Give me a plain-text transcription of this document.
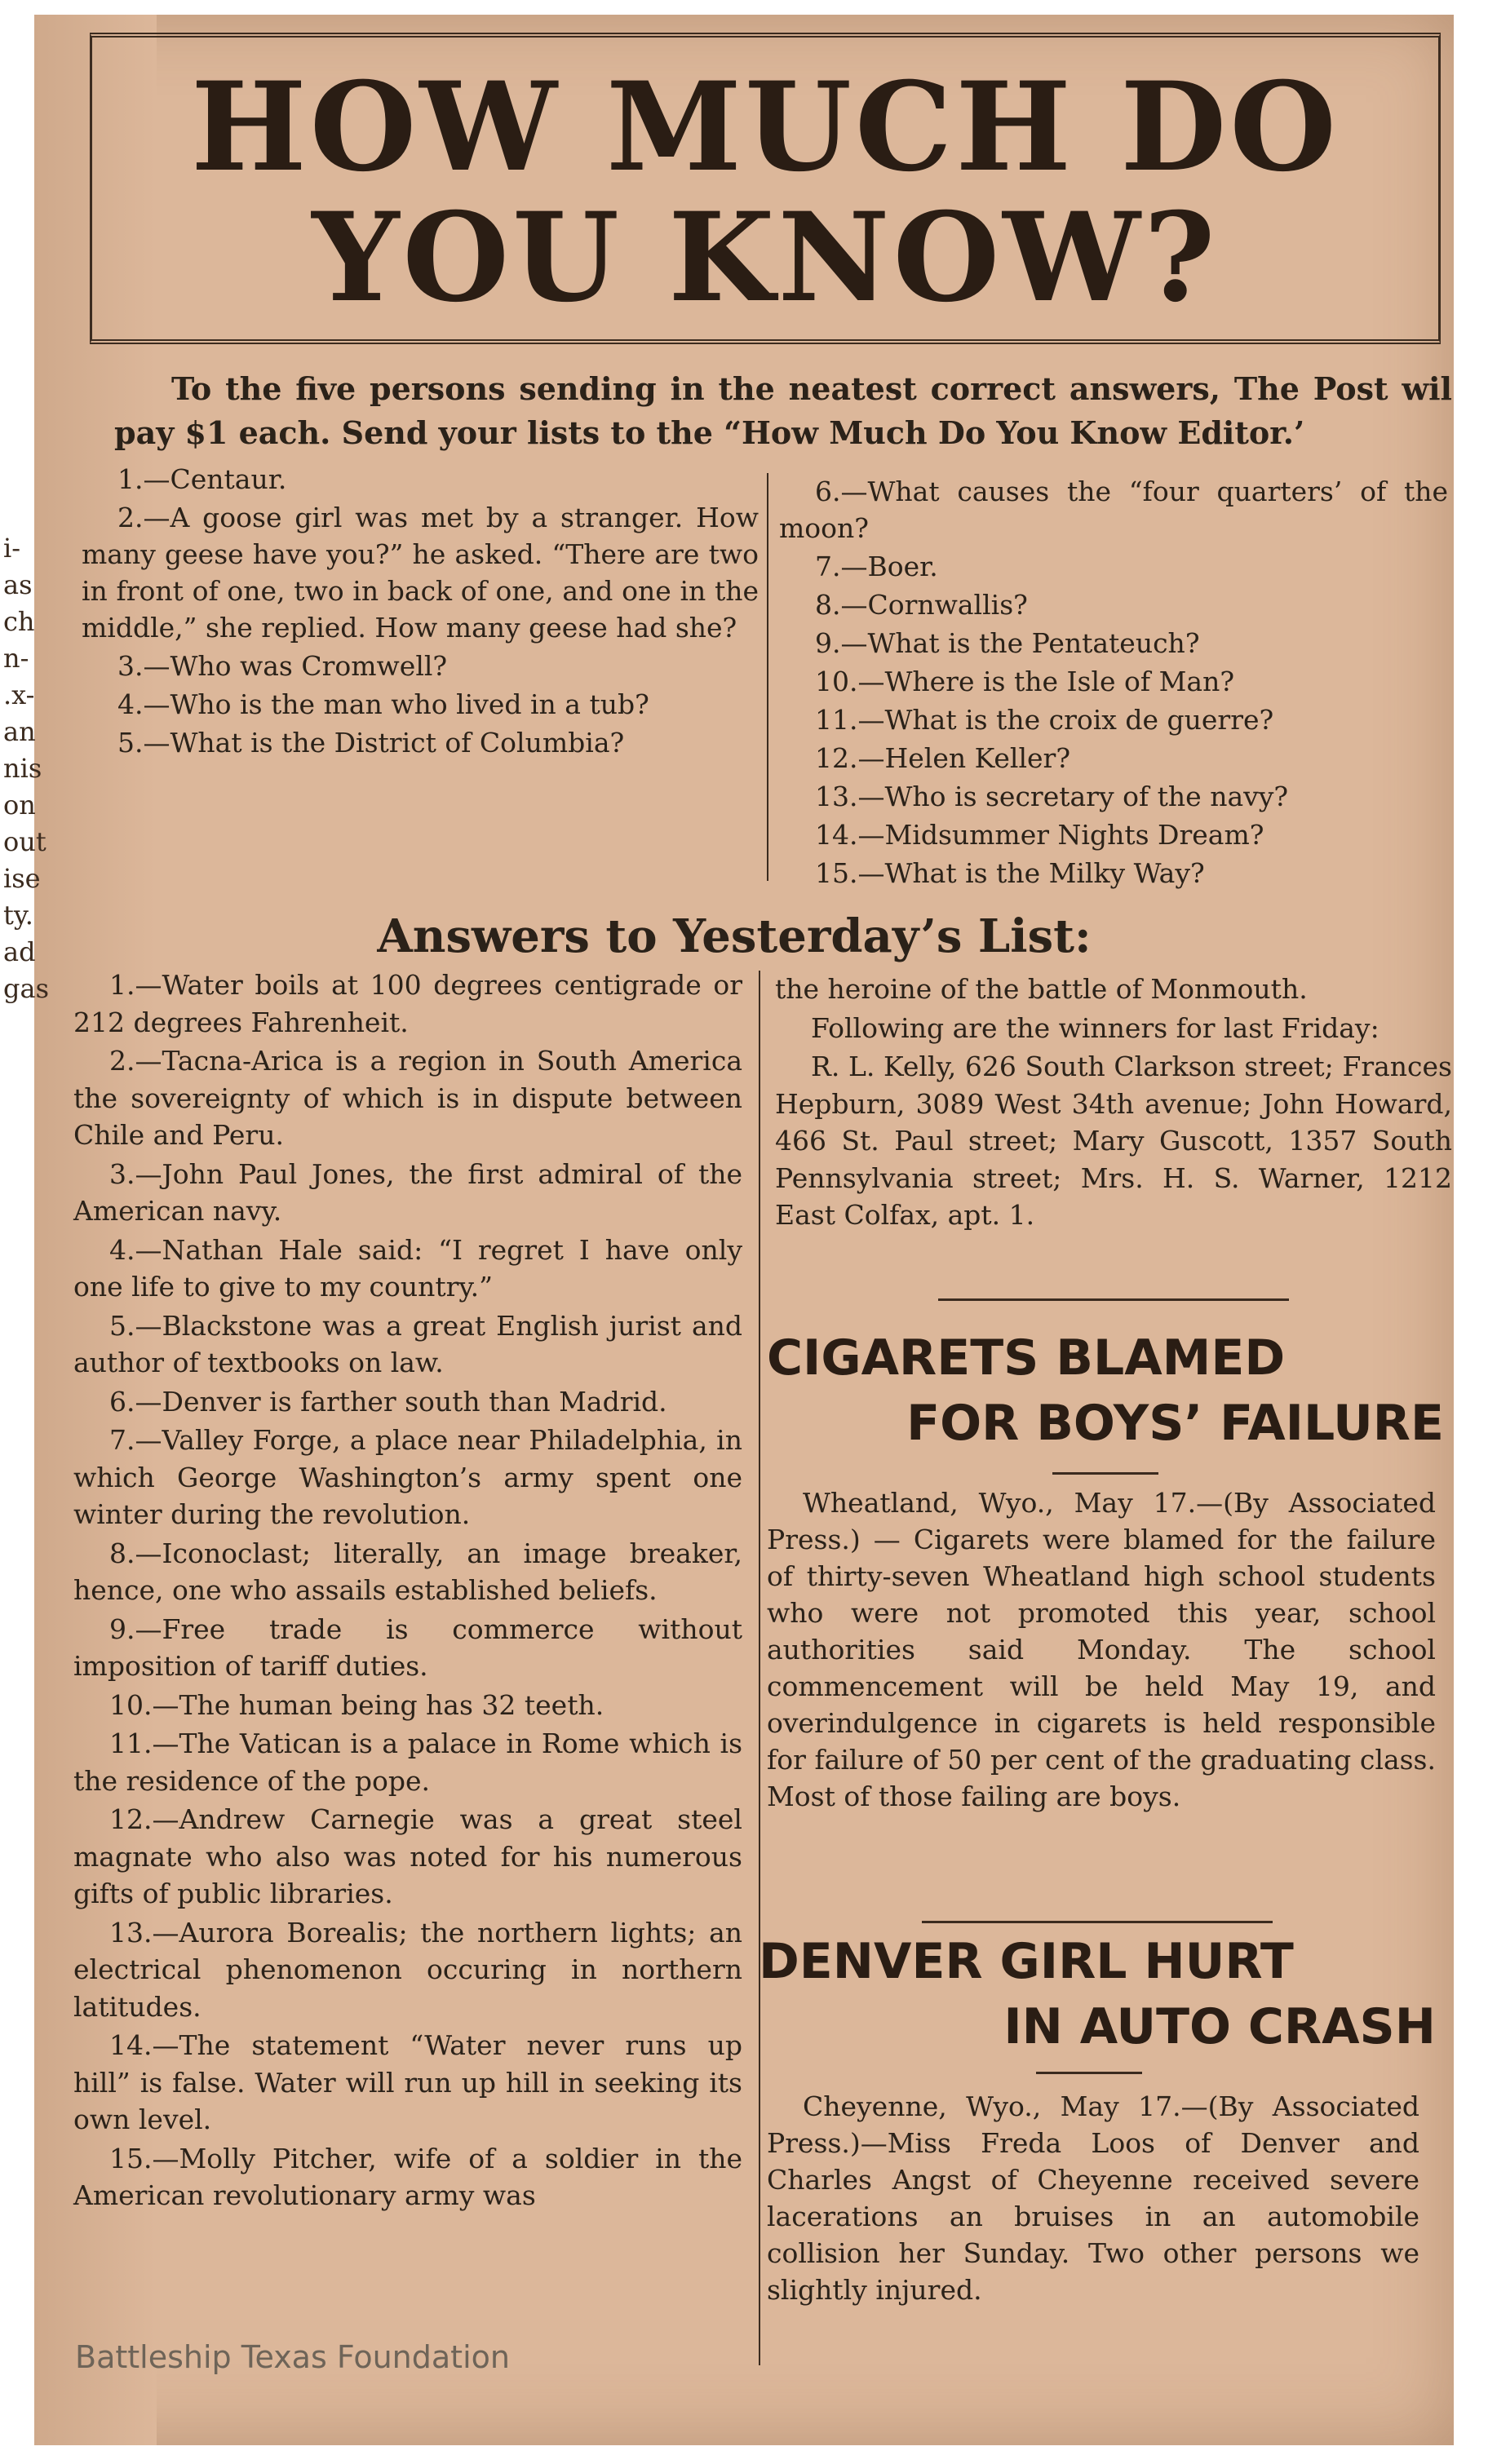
i-
as
ch
n-
.x-
an
nis
on
out
ise
ty.
ad
gas
HOW MUCH DO
YOU KNOW?
To the five persons sending in the neatest correct answers, The Post wil pay $1 each. Send your lists to the “How Much Do You Know Editor.’

1.—Centaur.

2.—A goose girl was met by a stranger. How many geese have you?” he asked. “There are two in front of one, two in back of one, and one in the middle,” she replied. How many geese had she?

3.—Who was Cromwell?

4.—Who is the man who lived in a tub?

5.—What is the District of Columbia?

6.—What causes the “four quarters’ of the moon?

7.—Boer.

8.—Cornwallis?

9.—What is the Pentateuch?

10.—Where is the Isle of Man?

11.—What is the croix de guerre?

12.—Helen Keller?

13.—Who is secretary of the navy?

14.—Midsummer Nights Dream?

15.—What is the Milky Way?

Answers to Yesterday’s List:

1.—Water boils at 100 degrees centigrade or 212 degrees Fahrenheit.

2.—Tacna-Arica is a region in South America the sovereignty of which is in dispute between Chile and Peru.

3.—John Paul Jones, the first admiral of the American navy.

4.—Nathan Hale said: “I regret I have only one life to give to my country.”

5.—Blackstone was a great English jurist and author of textbooks on law.

6.—Denver is farther south than Madrid.

7.—Valley Forge, a place near Philadelphia, in which George Washington’s army spent one winter during the revolution.

8.—Iconoclast; literally, an image breaker, hence, one who assails established beliefs.

9.—Free trade is commerce without imposition of tariff duties.

10.—The human being has 32 teeth.

11.—The Vatican is a palace in Rome which is the residence of the pope.

12.—Andrew Carnegie was a great steel magnate who also was noted for his numerous gifts of public libraries.

13.—Aurora Borealis; the northern lights; an electrical phenomenon occuring in northern latitudes.

14.—The statement “Water never runs up hill” is false. Water will run up hill in seeking its own level.

15.—Molly Pitcher, wife of a soldier in the American revolutionary army was

the heroine of the battle of Monmouth.

Following are the winners for last Friday:

R. L. Kelly, 626 South Clarkson street; Frances Hepburn, 3089 West 34th avenue; John Howard, 466 St. Paul street; Mary Guscott, 1357 South Pennsylvania street; Mrs. H. S. Warner, 1212 East Colfax, apt. 1.

CIGARETS BLAMED
FOR BOYS’ FAILURE

Wheatland, Wyo., May 17.—(By Associated Press.) — Cigarets were blamed for the failure of thirty-seven Wheatland high school students who were not promoted this year, school authorities said Monday. The school commencement will be held May 19, and overindulgence in cigarets is held responsible for failure of 50 per cent of the graduating class. Most of those failing are boys.

DENVER GIRL HURT
IN AUTO CRASH

Cheyenne, Wyo., May 17.—(By Associated Press.)—Miss Freda Loos of Denver and Charles Angst of Cheyenne received severe lacerations an bruises in an automobile collision her Sunday. Two other persons we slightly injured.

Battleship Texas Foundation
